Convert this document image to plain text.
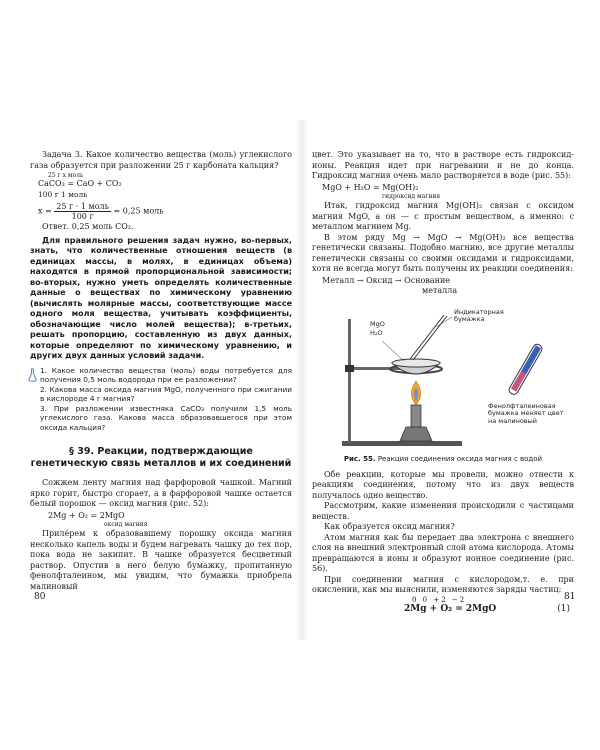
Задача 3. Какое количество вещества (моль) углекислого газа образуется при разложении 25 г карбоната кальция?

25 г x моль
CaCO₃ = CaO + CO₂
100 г 1 моль
$x = \frac{\text{25 г · 1 моль}}{100 г} = 0,25$ моль

Ответ. 0,25 моль CO₂.

Для правильного решения задач нужно, во-первых, знать, что количественные отношения веществ (в единицах массы, в молях, в единицах объема) находятся в прямой пропорциональной зависимости; во-вторых, нужно уметь определять количественные данные о веществах по химическому уравнению (вычислять молярные массы, соответствующие массе одного моля вещества, учитывать коэффициенты, обозначающие число молей вещества); в-третьих, решать пропорцию, составленную из двух данных, которые определяют по химическому уравнению, и других двух данных условий задачи.

1. Какое количество вещества (моль) воды потребуется для получения 0,5 моль водорода при ее разложении?

2. Какова масса оксида магния MgO, полученного при сжигании в кислороде 4 г магния?

3. При разложении известняка CaCO₃ получили 1,5 моль углекислого газа. Какова масса образовавшегося при этом оксида кальция?

§ 39. Реакции, подтверждающие генетическую связь металлов и их соединений

Сожжем ленту магния над фарфоровой чашкой. Магний ярко горит, быстро сгорает, а в фарфоровой чашке остается белый порошок — оксид магния (рис. 52):

2Mg + O₂ = 2MgO
оксид магния

Прилépем к образовавшему порошку оксида магния несколько капель воды и будем нагревать чашку до тех пор, пока вода не закипит. В чашке образуется бесцветный раствор. Опустив в него белую бумажку, пропитанную фенолфталеином, мы увидим, что бумажка приобрела малиновый

цвет. Это указывает на то, что в растворе есть гидроксид-ионы. Реакция идет при нагревании и не до конца. Гидроксид магния очень мало растворяется в воде (рис. 55):

MgO + H₂O = Mg(OH)₂
гидроксид магния

Итак, гидроксид магния Mg(OH)₂ связан с оксидом магния MgO, а он — с простым веществом, а именно: с металлом магнием Mg.

В этом ряду Mg → MgO → Mg(OH)₂ все вещества генетически связаны. Подобно магнию, все другие металлы генетически связаны со своими оксидами и гидроксидами, хотя не всегда могут быть получены их реакции соединения:

Металл → Оксид → Основание
металла
MgO
H₂O
Индикаторная бумажка
Фенолфталеиновая бумажка меняет цвет на малиновый
Рис. 55. Реакция соединения оксида магния с водой

Обе реакции, которые мы провели, можно отнести к реакциям соединения, потому что из двух веществ получалось одно вещество.

Рассмотрим, какие изменения происходили с частицами веществ.

Как образуется оксид магния?

Атом магния как бы передает два электрона с внешнего слоя на внешний электронный слой атома кислорода. Атомы превращаются в ионы и образуют ионное соединение (рис. 56).

При соединении магния с кислородом,т. е. при окислении, как мы выяснили, изменяются заряды частиц:

0 0 +2 −2
2Mg + O₂ = 2MgO	(1)
80	81
